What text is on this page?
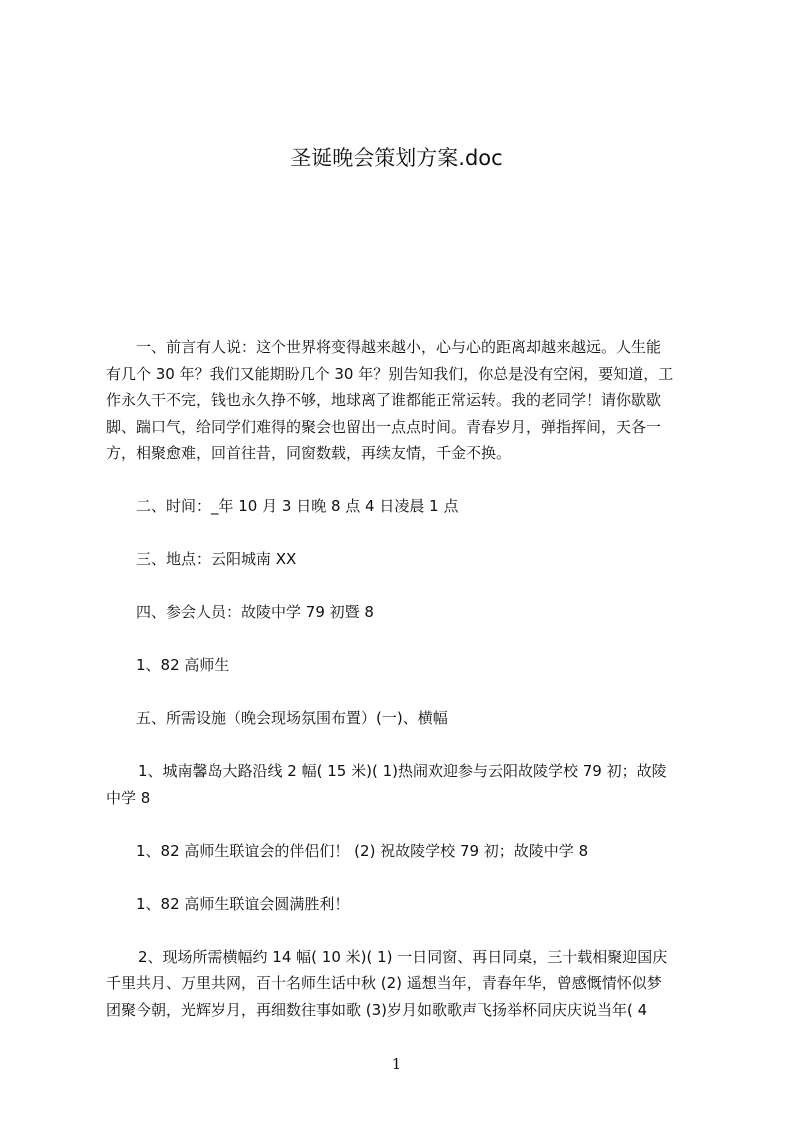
圣诞晚会策划方案.doc
一、前言有人说：这个世界将变得越来越小，心与心的距离却越来越远。人生能
有几个 30 年？我们又能期盼几个 30 年？别告知我们，你总是没有空闲，要知道，工
作永久干不完，钱也永久挣不够，地球离了谁都能正常运转。我的老同学！请你歇歇
脚、踹口气，给同学们难得的聚会也留出一点点时间。青春岁月，弹指挥间，天各一
方，相聚愈难，回首往昔，同窗数载，再续友情，千金不换。
二、时间：_年 10 月 3 日晚 8 点 4 日凌晨 1 点
三、地点：云阳城南 XX
四、参会人员：故陵中学 79 初暨 8
1、82 高师生
五、所需设施（晚会现场氛围布置）(一)、横幅
1、城南馨岛大路沿线 2 幅( 15 米)( 1)热闹欢迎参与云阳故陵学校 79 初；故陵
中学 8
1、82 高师生联谊会的伴侣们！ (2) 祝故陵学校 79 初；故陵中学 8
1、82 高师生联谊会圆满胜利！
2、现场所需横幅约 14 幅( 10 米)( 1) 一日同窗、再日同桌，三十载相聚迎国庆
千里共月、万里共网，百十名师生话中秋 (2) 遥想当年，青春年华，曾感慨情怀似梦
团聚今朝，光辉岁月，再细数往事如歌 (3)岁月如歌歌声飞扬举杯同庆庆说当年( 4
1
